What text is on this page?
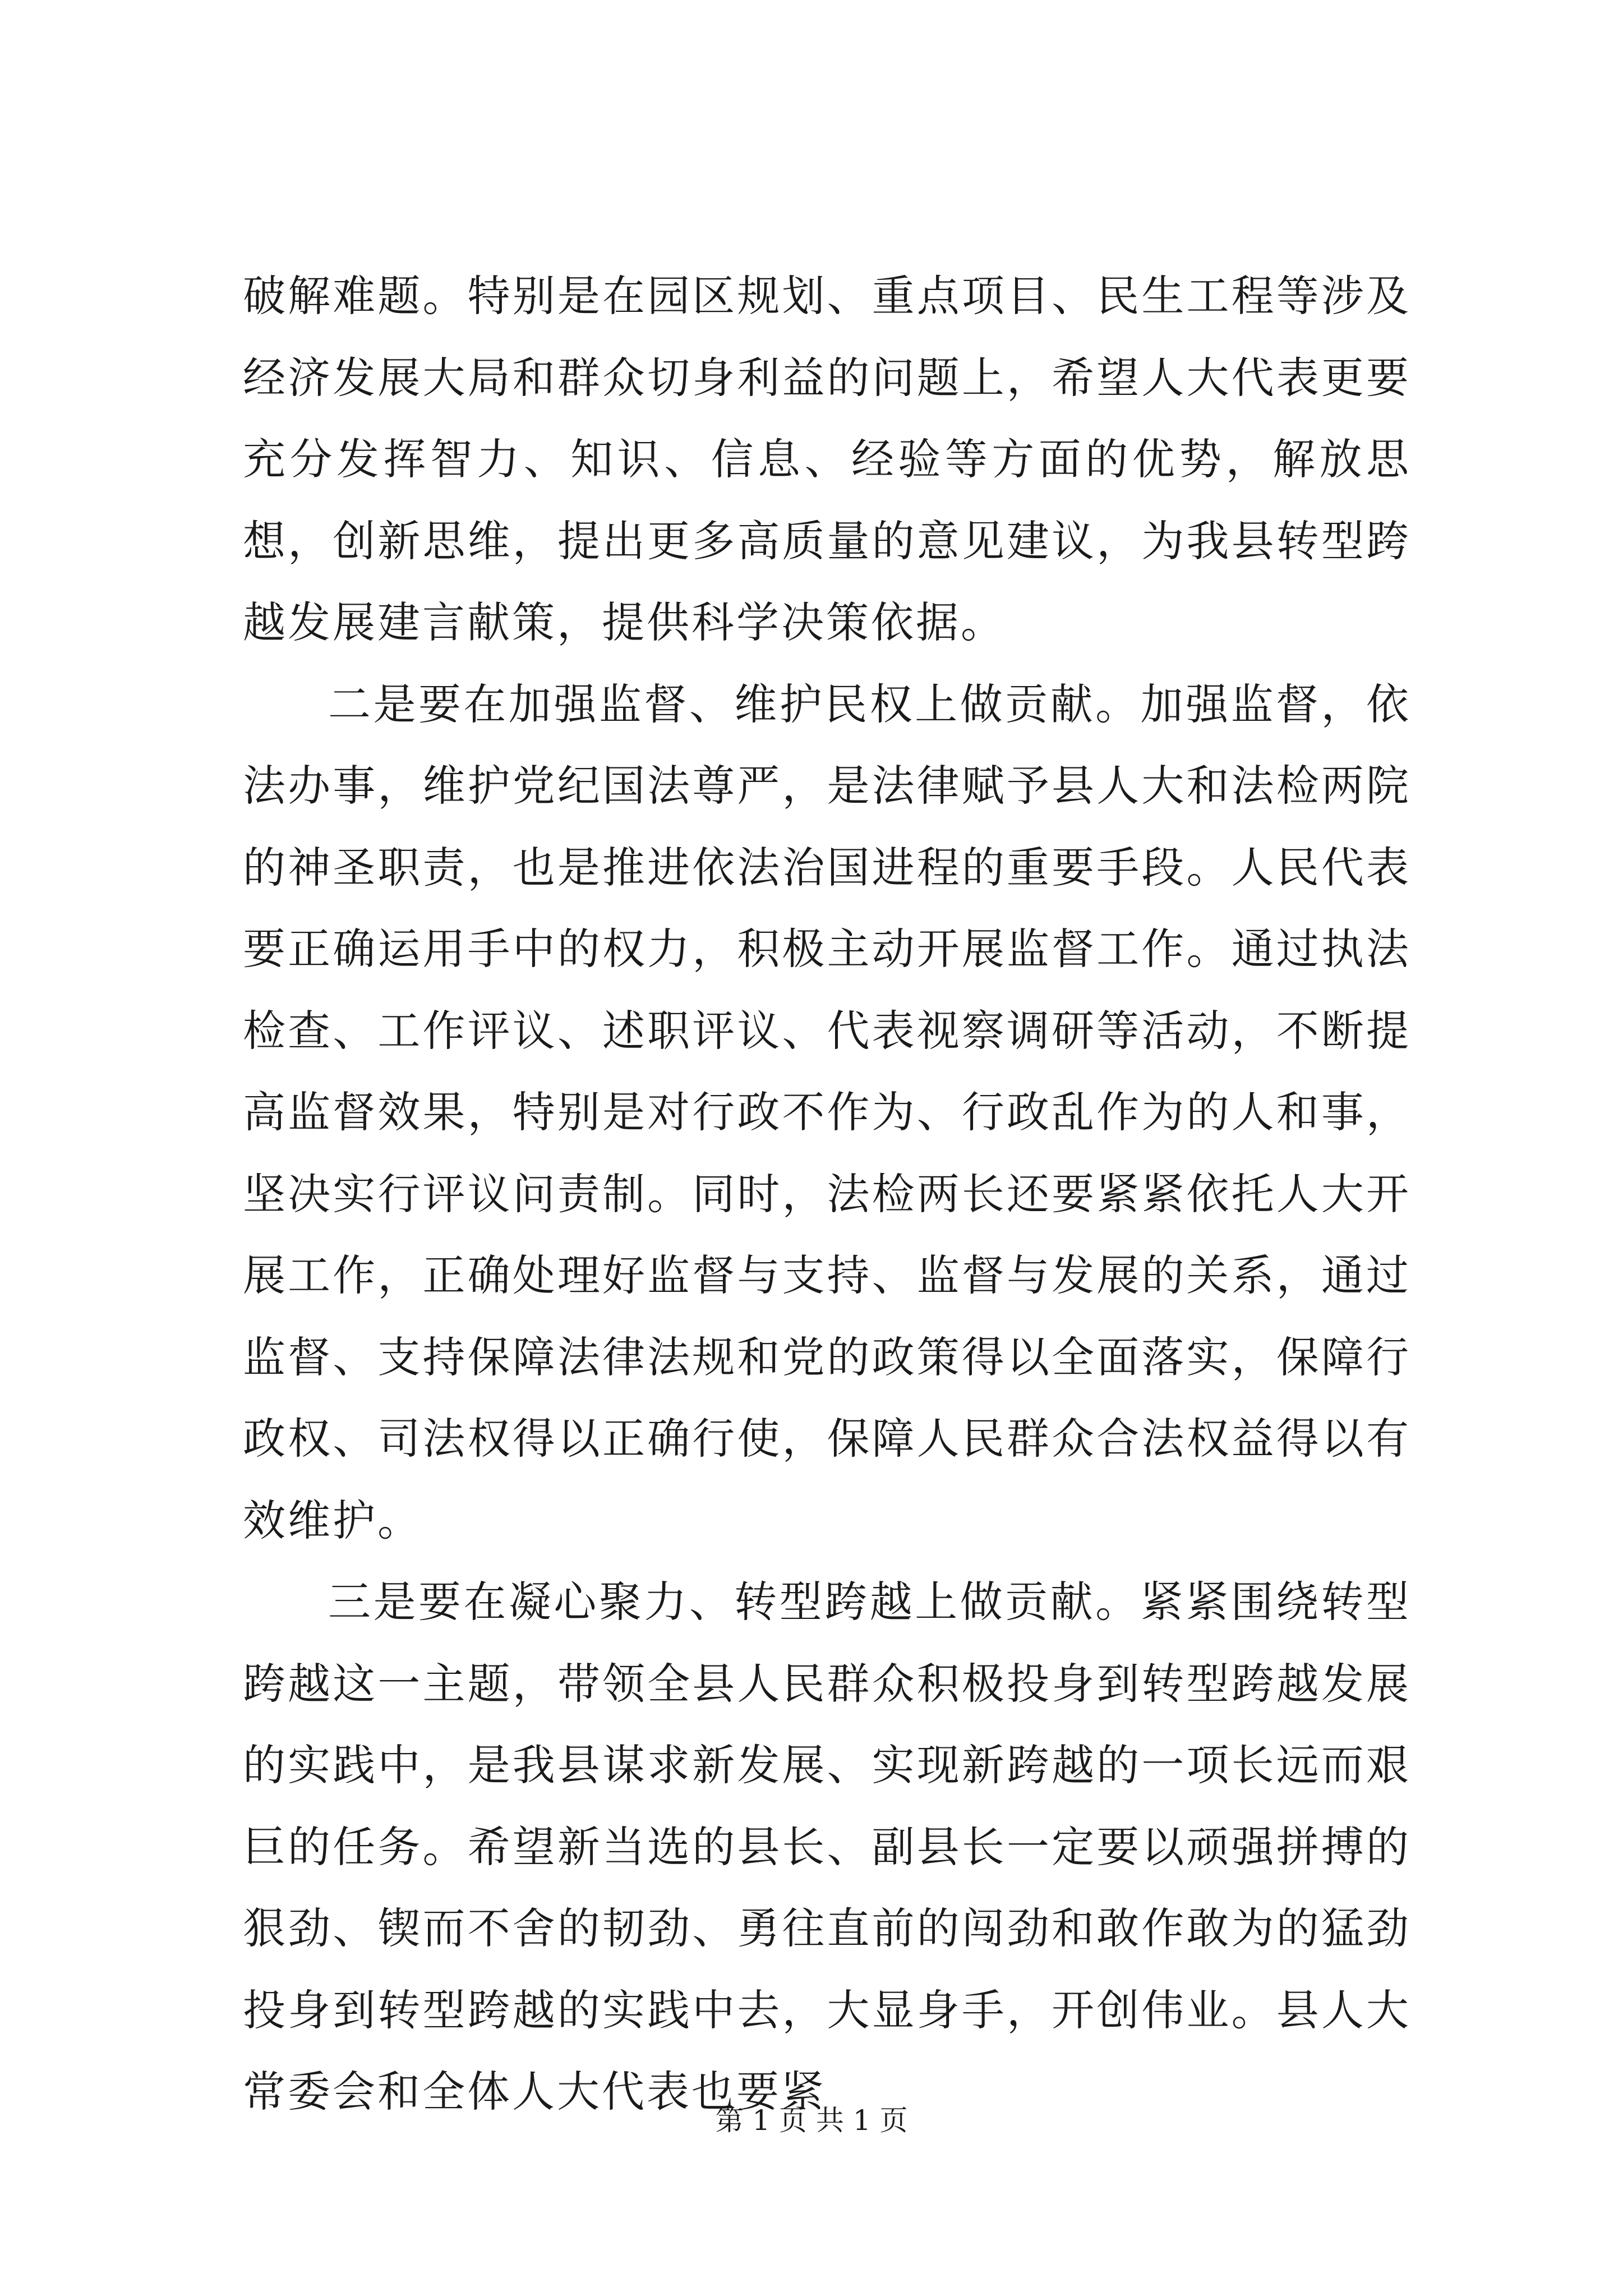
破解难题。特别是在园区规划、重点项目、民生工程等涉及经济发展大局和群众切身利益的问题上，希望人大代表更要充分发挥智力、知识、信息、经验等方面的优势，解放思想，创新思维，提出更多高质量的意见建议，为我县转型跨越发展建言献策，提供科学决策依据。

二是要在加强监督、维护民权上做贡献。加强监督，依法办事，维护党纪国法尊严，是法律赋予县人大和法检两院的神圣职责，也是推进依法治国进程的重要手段。人民代表要正确运用手中的权力，积极主动开展监督工作。通过执法检查、工作评议、述职评议、代表视察调研等活动，不断提高监督效果，特别是对行政不作为、行政乱作为的人和事，坚决实行评议问责制。同时，法检两长还要紧紧依托人大开展工作，正确处理好监督与支持、监督与发展的关系，通过监督、支持保障法律法规和党的政策得以全面落实，保障行政权、司法权得以正确行使，保障人民群众合法权益得以有效维护。

三是要在凝心聚力、转型跨越上做贡献。紧紧围绕转型跨越这一主题，带领全县人民群众积极投身到转型跨越发展的实践中，是我县谋求新发展、实现新跨越的一项长远而艰巨的任务。希望新当选的县长、副县长一定要以顽强拼搏的狠劲、锲而不舍的韧劲、勇往直前的闯劲和敢作敢为的猛劲投身到转型跨越的实践中去，大显身手，开创伟业。县人大常委会和全体人大代表也要紧

第 1 页 共 1 页
